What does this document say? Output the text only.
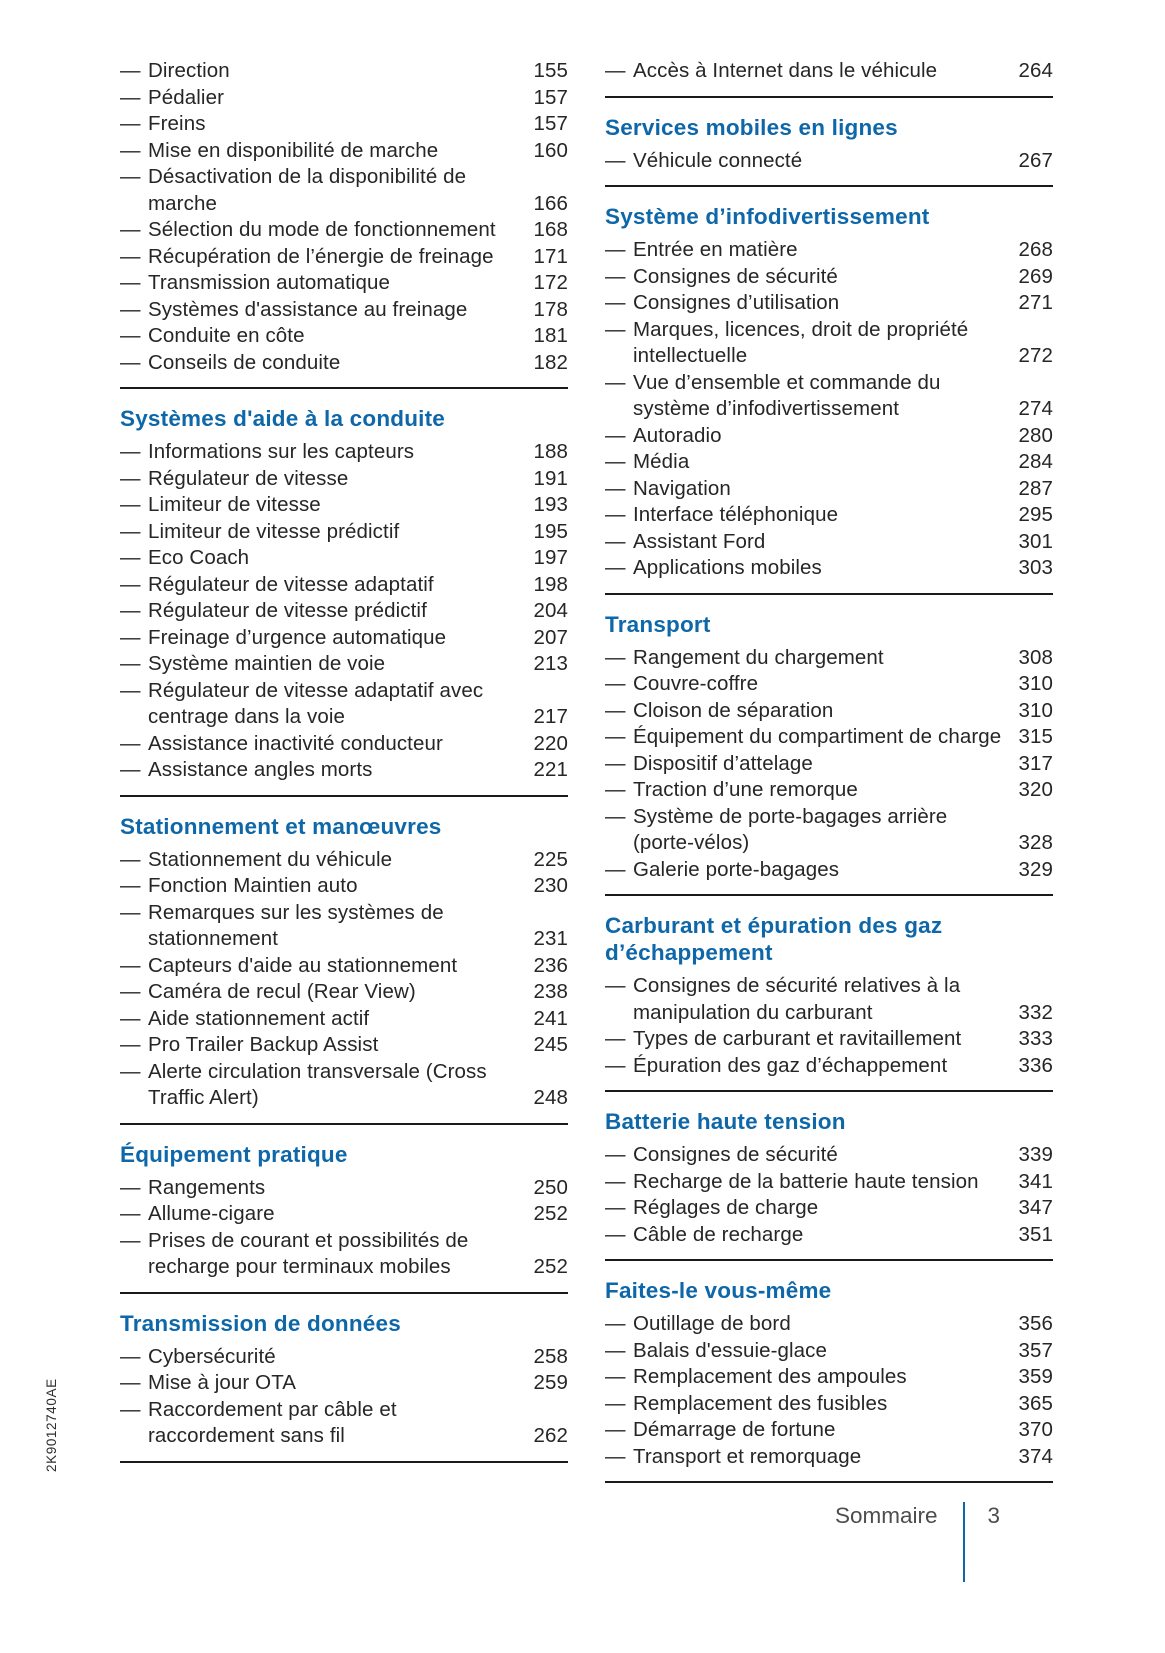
— Direction	155
— Pédalier	157
— Freins	157
— Mise en disponibilité de marche	160
— Désactivation de la disponibilité de marche	166
— Sélection du mode de fonctionnement	168
— Récupération de l’énergie de freinage	171
— Transmission automatique	172
— Systèmes d'assistance au freinage	178
— Conduite en côte	181
— Conseils de conduite	182
Systèmes d'aide à la conduite
— Informations sur les capteurs	188
— Régulateur de vitesse	191
— Limiteur de vitesse	193
— Limiteur de vitesse prédictif	195
— Eco Coach	197
— Régulateur de vitesse adaptatif	198
— Régulateur de vitesse prédictif	204
— Freinage d’urgence automatique	207
— Système maintien de voie	213
— Régulateur de vitesse adaptatif avec centrage dans la voie	217
— Assistance inactivité conducteur	220
— Assistance angles morts	221
Stationnement et manœuvres
— Stationnement du véhicule	225
— Fonction Maintien auto	230
— Remarques sur les systèmes de stationnement	231
— Capteurs d'aide au stationnement	236
— Caméra de recul (Rear View)	238
— Aide stationnement actif	241
— Pro Trailer Backup Assist	245
— Alerte circulation transversale (Cross Traffic Alert)	248
Équipement pratique
— Rangements	250
— Allume-cigare	252
— Prises de courant et possibilités de recharge pour terminaux mobiles	252
Transmission de données
— Cybersécurité	258
— Mise à jour OTA	259
— Raccordement par câble et raccordement sans fil	262
— Accès à Internet dans le véhicule	264
Services mobiles en lignes
— Véhicule connecté	267
Système d’infodivertissement
— Entrée en matière	268
— Consignes de sécurité	269
— Consignes d’utilisation	271
— Marques, licences, droit de propriété intellectuelle	272
— Vue d’ensemble et commande du système d’infodivertissement	274
— Autoradio	280
— Média	284
— Navigation	287
— Interface téléphonique	295
— Assistant Ford	301
— Applications mobiles	303
Transport
— Rangement du chargement	308
— Couvre-coffre	310
— Cloison de séparation	310
— Équipement du compartiment de charge 315
— Dispositif d’attelage	317
— Traction d’une remorque	320
— Système de porte-bagages arrière (porte-vélos)	328
— Galerie porte-bagages	329
Carburant et épuration des gaz d’échappement
— Consignes de sécurité relatives à la manipulation du carburant	332
— Types de carburant et ravitaillement	333
— Épuration des gaz d’échappement	336
Batterie haute tension
— Consignes de sécurité	339
— Recharge de la batterie haute tension	341
— Réglages de charge	347
— Câble de recharge	351
Faites-le vous-même
— Outillage de bord	356
— Balais d'essuie-glace	357
— Remplacement des ampoules	359
— Remplacement des fusibles	365
— Démarrage de fortune	370
— Transport et remorquage	374
2K9012740AE
Sommaire 3
